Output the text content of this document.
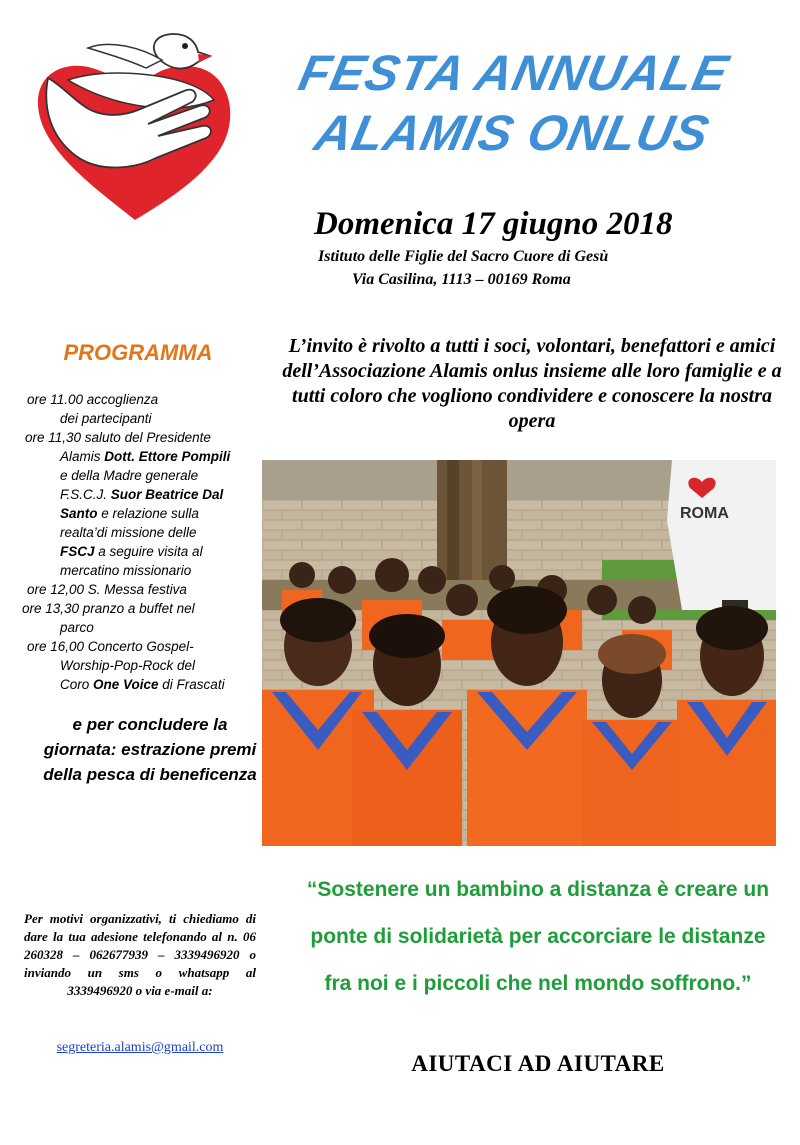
FESTA ANNUALE
ALAMIS ONLUS
Domenica 17 giugno 2018
Istituto delle Figlie del Sacro Cuore di Gesù
Via Casilina, 1113 – 00169 Roma
L’invito è rivolto a tutti i soci, volontari, benefattori e amici dell’Associazione Alamis onlus insieme alle loro famiglie e a tutti coloro che vogliono condividere e conoscere la nostra opera
PROGRAMMA
ore 11.00 accoglienza
dei partecipanti
ore 11,30 saluto del Presidente
Alamis Dott. Ettore Pompili
e della Madre generale
F.S.C.J. Suor Beatrice Dal
Santo e relazione sulla
realta’di missione delle
FSCJ a seguire visita al
mercatino missionario
ore 12,00 S. Messa festiva
ore 13,30 pranzo a buffet nel
parco
ore 16,00 Concerto Gospel-
Worship-Pop-Rock del
Coro One Voice di Frascati
e per concludere la giornata: estrazione premi della pesca di beneficenza
Per motivi organizzativi, ti chiediamo di dare la tua adesione telefonando al n. 06 260328 – 062677939 – 3339496920 o inviando un sms o whatsapp al 3339496920 o via e-mail a:
segreteria.alamis@gmail.com
ROMA
“Sostenere un bambino a distanza è creare un ponte di solidarietà per accorciare le distanze fra noi e i piccoli che nel mondo soffrono.”
AIUTACI AD AIUTARE
